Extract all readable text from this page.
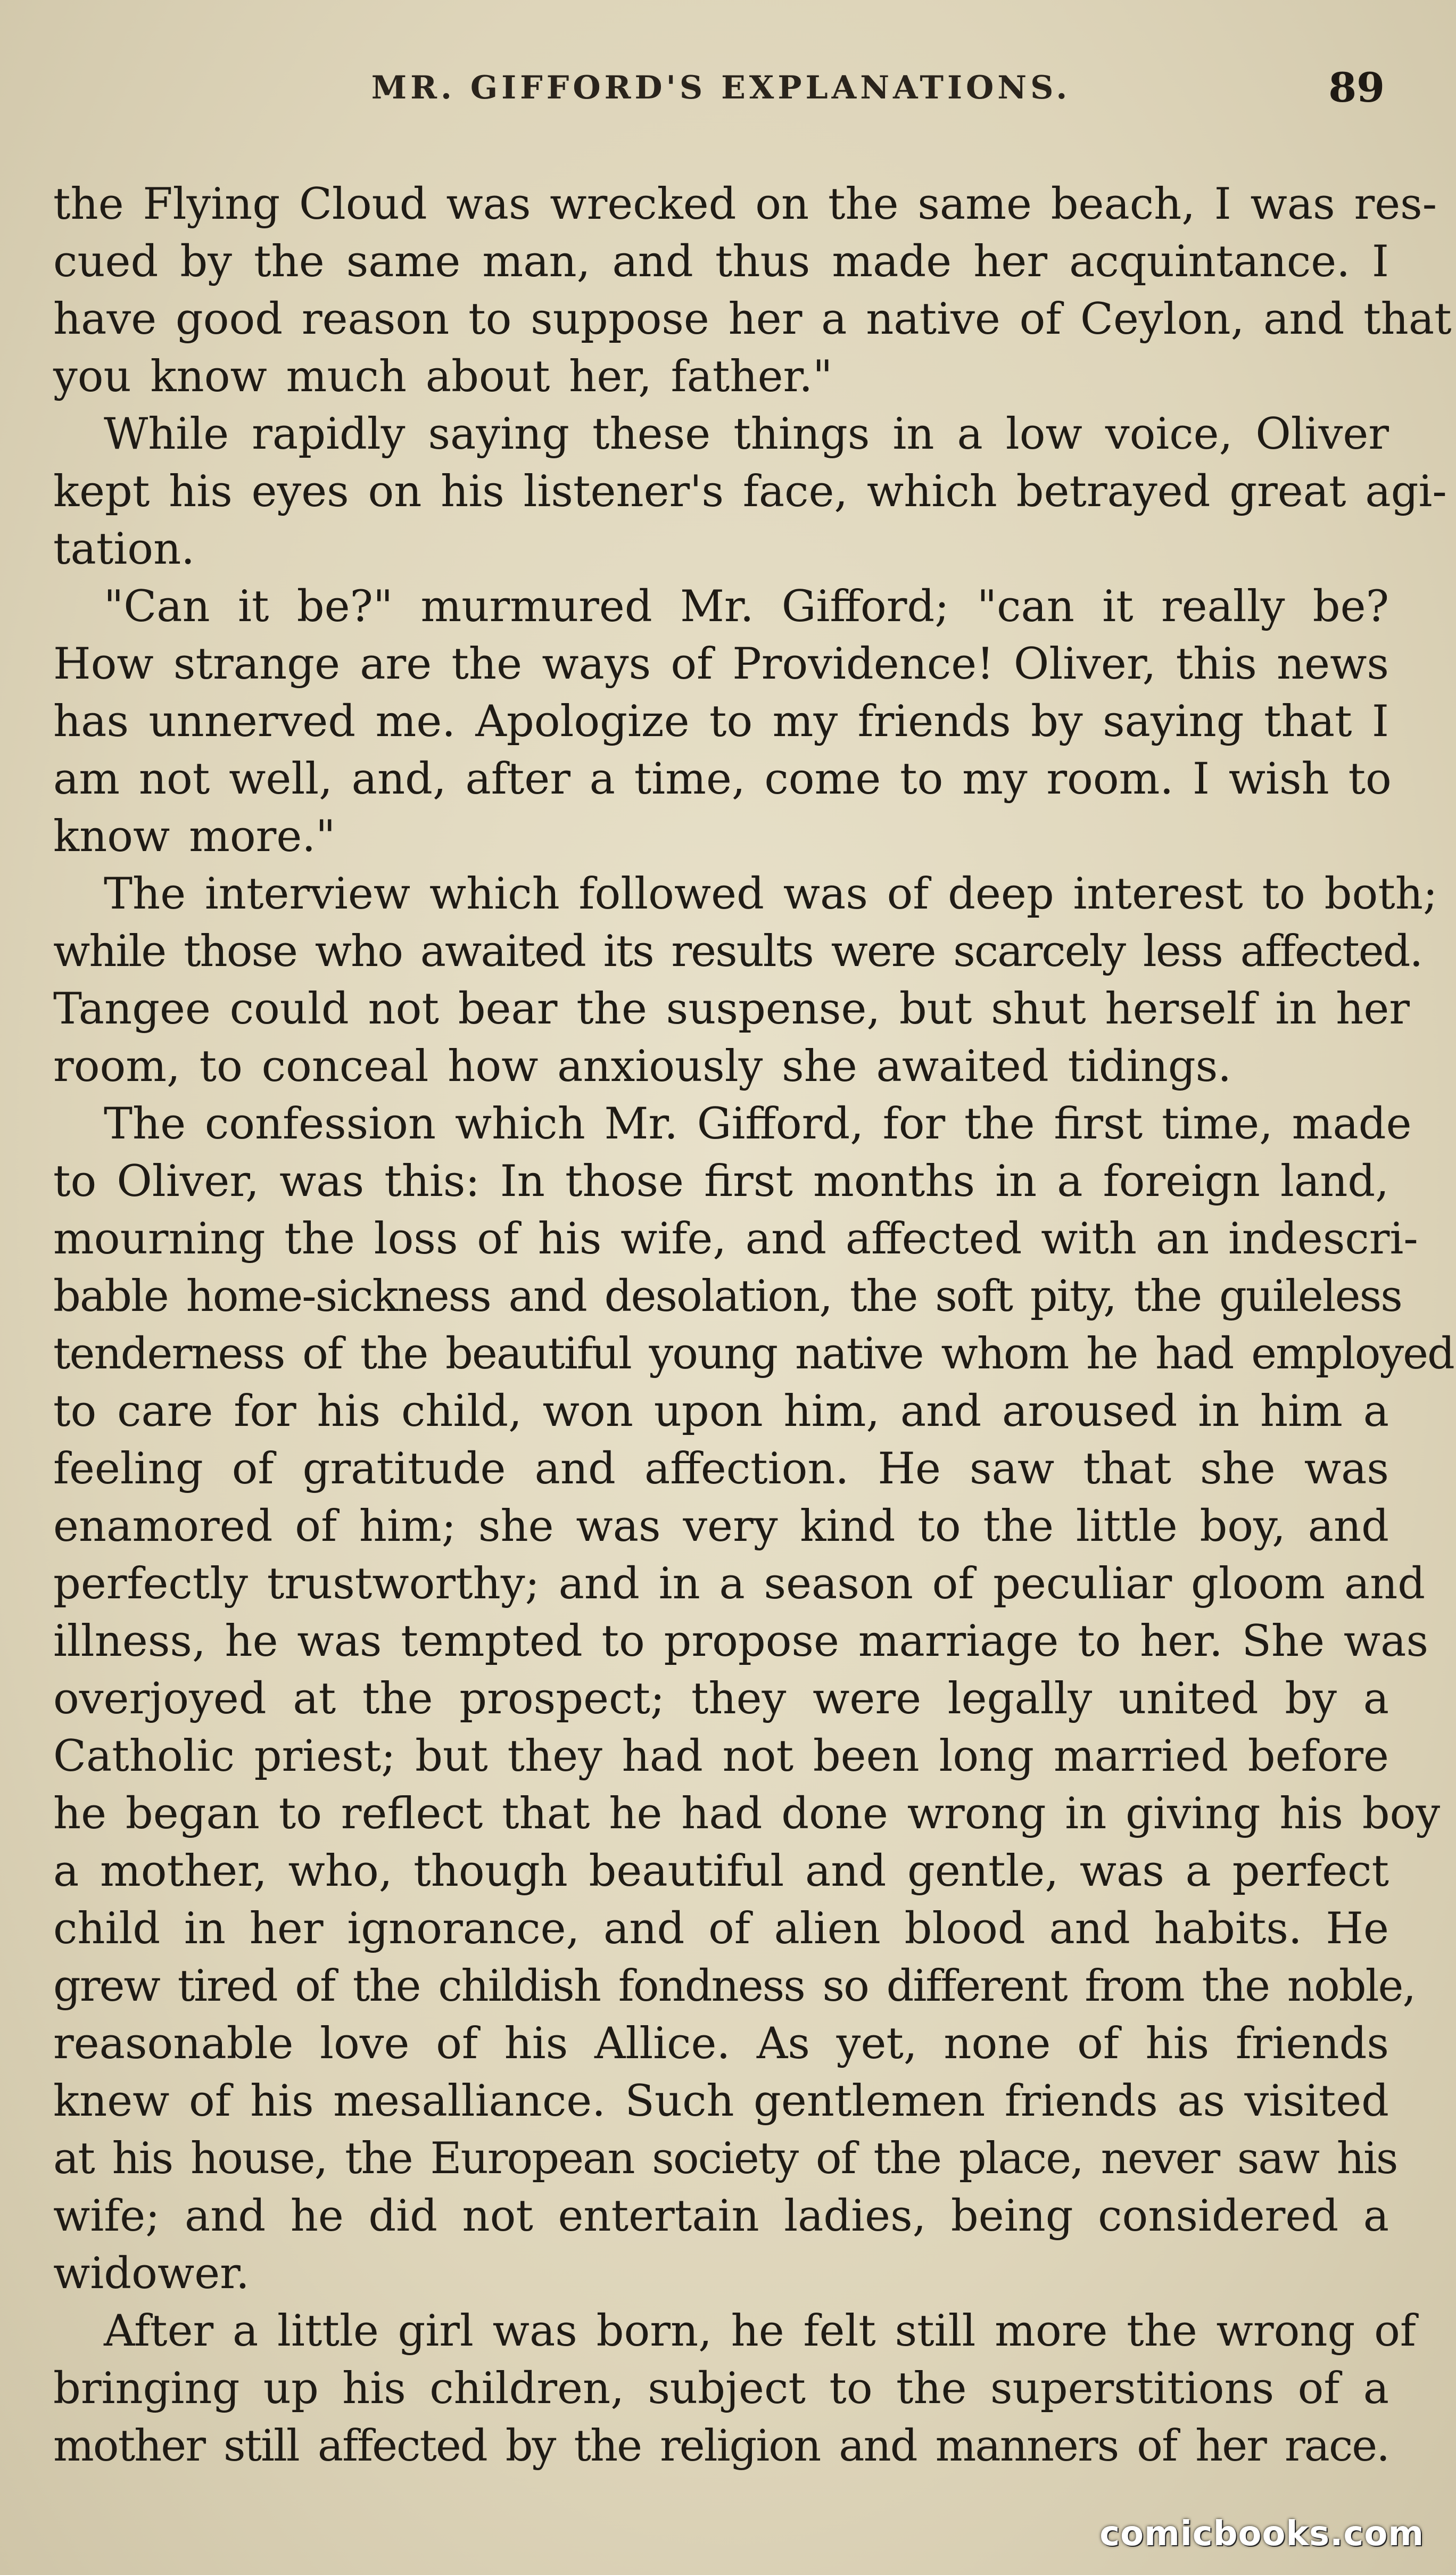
MR. GIFFORD'S EXPLANATIONS.	89
the Flying Cloud was wrecked on the same beach, I was res-
cued by the same man, and thus made her acquintance. I
have good reason to suppose her a native of Ceylon, and that
you know much about her, father."
While rapidly saying these things in a low voice, Oliver
kept his eyes on his listener's face, which betrayed great agi-
tation.
"Can it be?" murmured Mr. Gifford; "can it really be?
How strange are the ways of Providence! Oliver, this news
has unnerved me. Apologize to my friends by saying that I
am not well, and, after a time, come to my room. I wish to
know more."
The interview which followed was of deep interest to both;
while those who awaited its results were scarcely less affected.
Tangee could not bear the suspense, but shut herself in her
room, to conceal how anxiously she awaited tidings.
The confession which Mr. Gifford, for the first time, made
to Oliver, was this: In those first months in a foreign land,
mourning the loss of his wife, and affected with an indescri-
bable home-sickness and desolation, the soft pity, the guileless
tenderness of the beautiful young native whom he had employed
to care for his child, won upon him, and aroused in him a
feeling of gratitude and affection. He saw that she was
enamored of him; she was very kind to the little boy, and
perfectly trustworthy; and in a season of peculiar gloom and
illness, he was tempted to propose marriage to her. She was
overjoyed at the prospect; they were legally united by a
Catholic priest; but they had not been long married before
he began to reflect that he had done wrong in giving his boy
a mother, who, though beautiful and gentle, was a perfect
child in her ignorance, and of alien blood and habits. He
grew tired of the childish fondness so different from the noble,
reasonable love of his Allice. As yet, none of his friends
knew of his mesalliance. Such gentlemen friends as visited
at his house, the European society of the place, never saw his
wife; and he did not entertain ladies, being considered a
widower.
After a little girl was born, he felt still more the wrong of
bringing up his children, subject to the superstitions of a
mother still affected by the religion and manners of her race.
comicbooks.com
